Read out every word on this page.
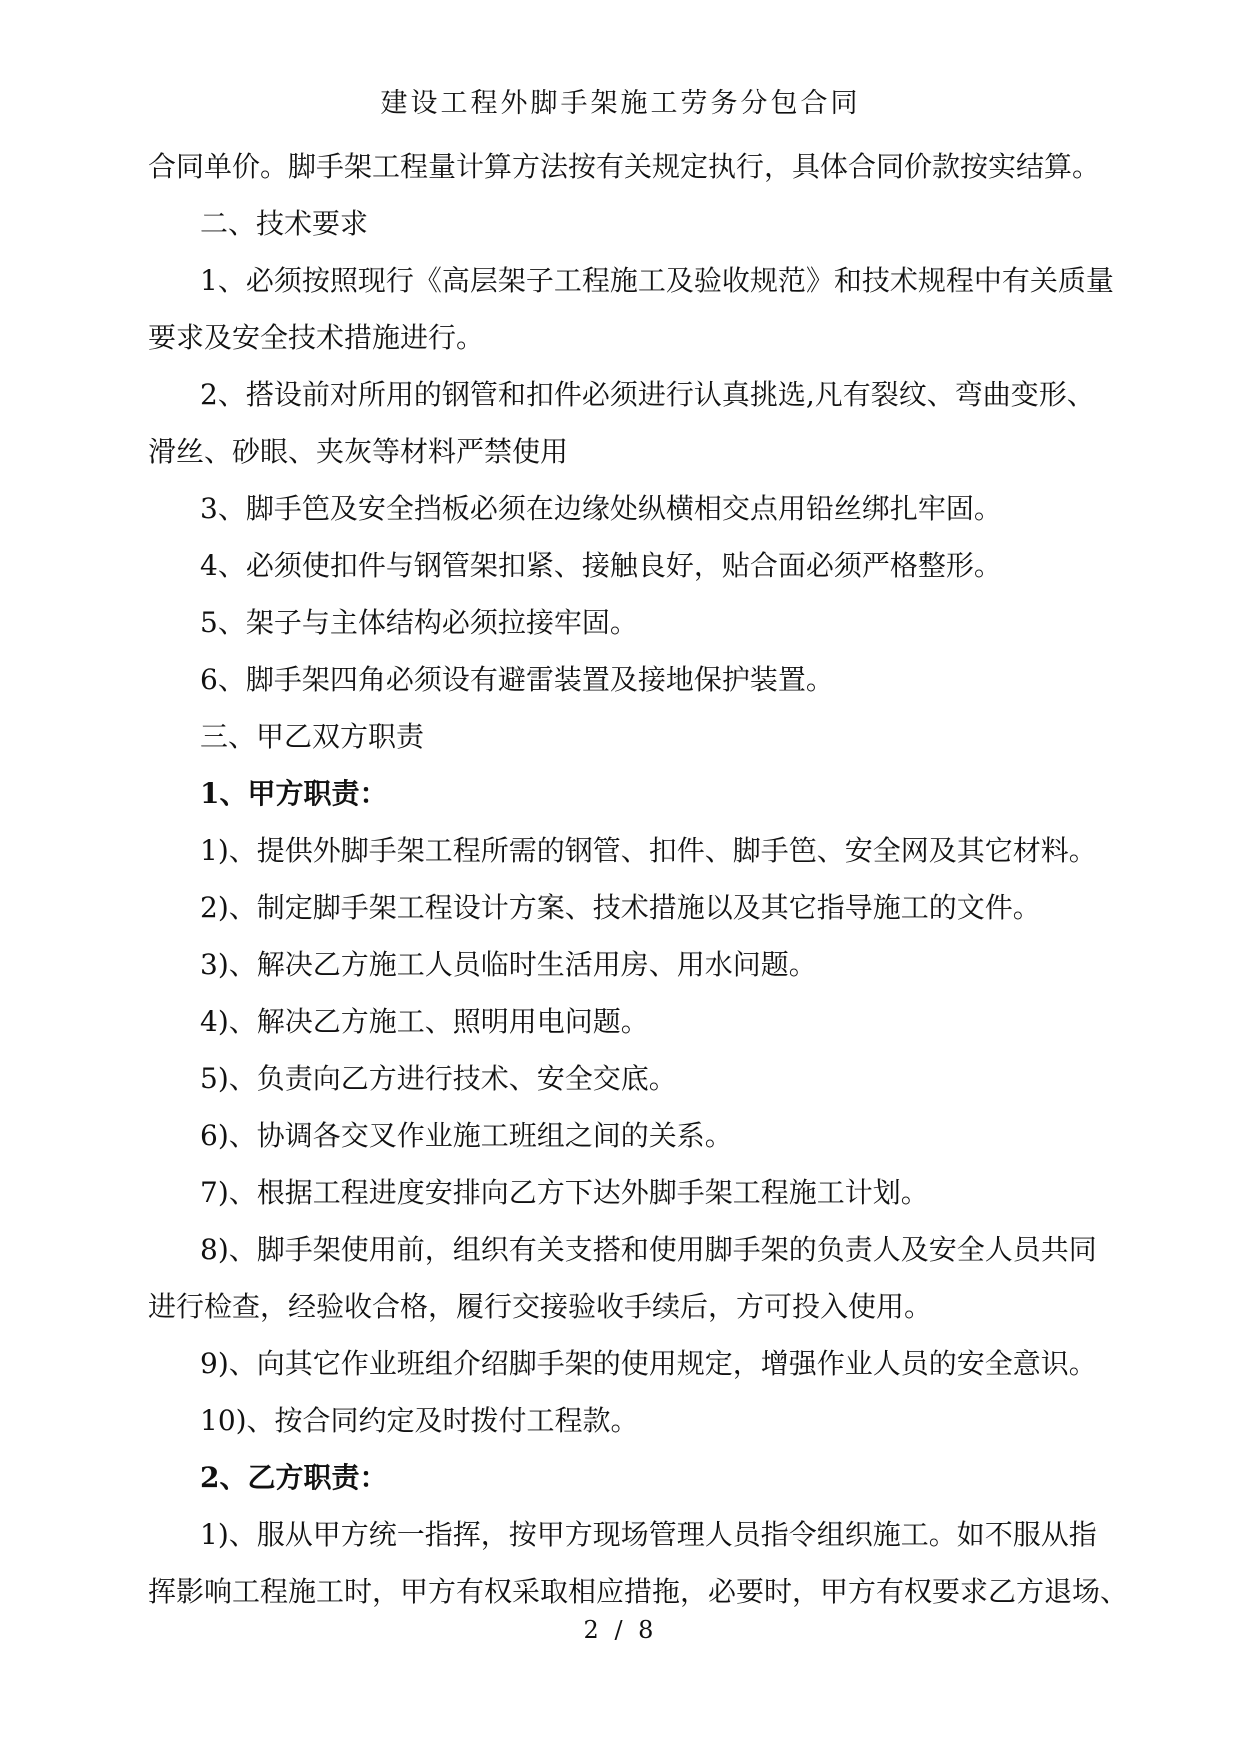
建设工程外脚手架施工劳务分包合同
合同单价。脚手架工程量计算方法按有关规定执行，具体合同价款按实结算。
二、技术要求
1、必须按照现行《高层架子工程施工及验收规范》和技术规程中有关质量
要求及安全技术措施进行。
2、搭设前对所用的钢管和扣件必须进行认真挑选,凡有裂纹、弯曲变形、
滑丝、砂眼、夹灰等材料严禁使用
3、脚手笆及安全挡板必须在边缘处纵横相交点用铅丝绑扎牢固。
4、必须使扣件与钢管架扣紧、接触良好，贴合面必须严格整形。
5、架子与主体结构必须拉接牢固。
6、脚手架四角必须设有避雷装置及接地保护装置。
三、甲乙双方职责
1、甲方职责：
1)、提供外脚手架工程所需的钢管、扣件、脚手笆、安全网及其它材料。
2)、制定脚手架工程设计方案、技术措施以及其它指导施工的文件。
3)、解决乙方施工人员临时生活用房、用水问题。
4)、解决乙方施工、照明用电问题。
5)、负责向乙方进行技术、安全交底。
6)、协调各交叉作业施工班组之间的关系。
7)、根据工程进度安排向乙方下达外脚手架工程施工计划。
8)、脚手架使用前，组织有关支搭和使用脚手架的负责人及安全人员共同
进行检查，经验收合格，履行交接验收手续后，方可投入使用。
9)、向其它作业班组介绍脚手架的使用规定，增强作业人员的安全意识。
10)、按合同约定及时拨付工程款。
2、乙方职责：
1)、服从甲方统一指挥，按甲方现场管理人员指令组织施工。如不服从指
挥影响工程施工时，甲方有权采取相应措拖，必要时，甲方有权要求乙方退场、
2 / 8
